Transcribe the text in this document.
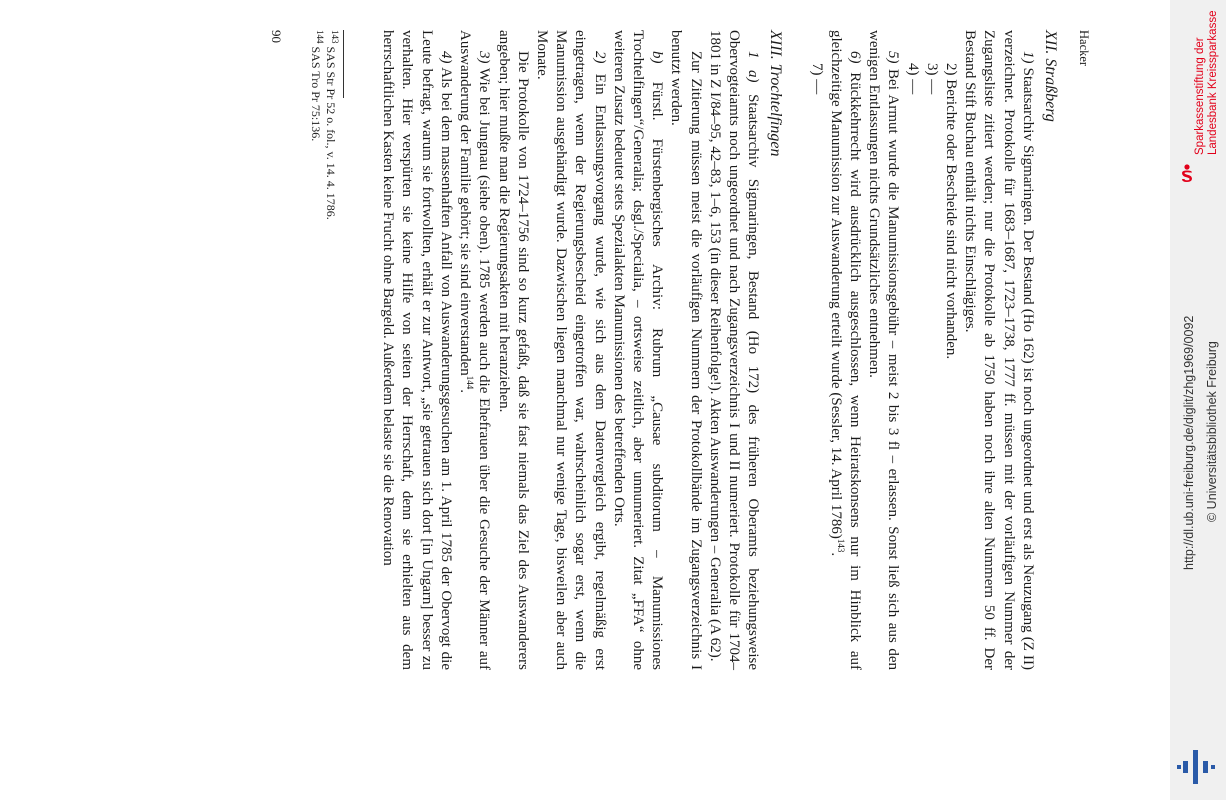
Hacker
XII. Straßberg

1) Staatsarchiv Sigmaringen. Der Bestand (Ho 162) ist noch ungeordnet und erst als Neuzugang (Z II) verzeichnet. Protokolle für 1683–1687, 1723–1738, 1777 ff. müssen mit der vorläufigen Nummer der Zugangsliste zitiert werden; nur die Protokolle ab 1750 haben noch ihre alten Nummern 50 ff. Der Bestand Stift Buchau enthält nichts Einschlägiges.

2) Berichte oder Bescheide sind nicht vorhanden.

3) —

4) —

5) Bei Armut wurde die Manumissionsgebühr – meist 2 bis 3 fl – erlassen. Sonst ließ sich aus den wenigen Entlassungen nichts Grundsätzliches entnehmen.

6) Rückkehrrecht wird ausdrücklich ausgeschlossen, wenn Heiratskonsens nur im Hinblick auf gleichzeitige Manumission zur Auswanderung erteilt wurde (Sessler, 14. April 1786)$^{143}$.

7) —

XIII. Trochtelfingen

1 a) Staatsarchiv Sigmaringen, Bestand (Ho 172) des früheren Oberamts beziehungsweise Obervogteiamts noch ungeordnet und nach Zugangsverzeichnis I und II numeriert. Protokolle für 1704–1801 in Z I/84–95, 42–83, 1–6, 153 (in dieser Reihenfolge!). Akten Auswanderungen – Generalia (A 62).

Zur Zitierung müssen meist die vorläufigen Nummern der Protokollbände im Zugangsverzeichnis I benutzt werden.

b) Fürstl. Fürstenbergisches Archiv: Rubrum „Causae subditorum – Manumissiones Trochtelfingen“/Generalia; dsgl./Specialia, – ortsweise zeitlich, aber unnumeriert. Zitat „FFA“ ohne weiteren Zusatz bedeutet stets Spezialakten Manumissionen des betreffenden Orts.

2) Ein Entlassungsvorgang wurde, wie sich aus dem Datenvergleich ergibt, regelmäßig erst eingetragen, wenn der Regierungsbescheid eingetroffen war, wahrscheinlich sogar erst, wenn die Manumission ausgehändigt wurde. Dazwischen liegen manchmal nur wenige Tage, bisweilen aber auch Monate.

Die Protokolle von 1724–1756 sind so kurz gefaßt, daß sie fast niemals das Ziel des Auswanderers angeben; hier mußte man die Regierungsakten mit heranziehen.

3) Wie bei Jungnau (siehe oben). 1785 werden auch die Ehefrauen über die Gesuche der Männer auf Auswanderung der Familie gehört; sie sind einverstanden$^{144}$.

4) Als bei dem massenhaften Anfall von Auswanderungsgesuchen am 1. April 1785 der Obervogt die Leute befragt, warum sie fortwollten, erhält er zur Antwort, „sie getrauen sich dort [in Ungarn] besser zu verhalten. Hier verspürten sie keine Hilfe von seiten der Herrschaft, denn sie erhielten aus dem herrschaftlichen Kasten keine Frucht ohne Bargeld. Außerdem belaste sie die Renovation

$^{143}$ SAS Str Pr 52 o. fol., v. 14. 4. 1786.

$^{144}$ SAS Tro Pr 75:136.

90
Sparkassenstiftung der Landesbank Kreissparkasse
http://dl.ub.uni-freiburg.de/diglit/zhg1969/0092 © Universitätsbibliothek Freiburg
